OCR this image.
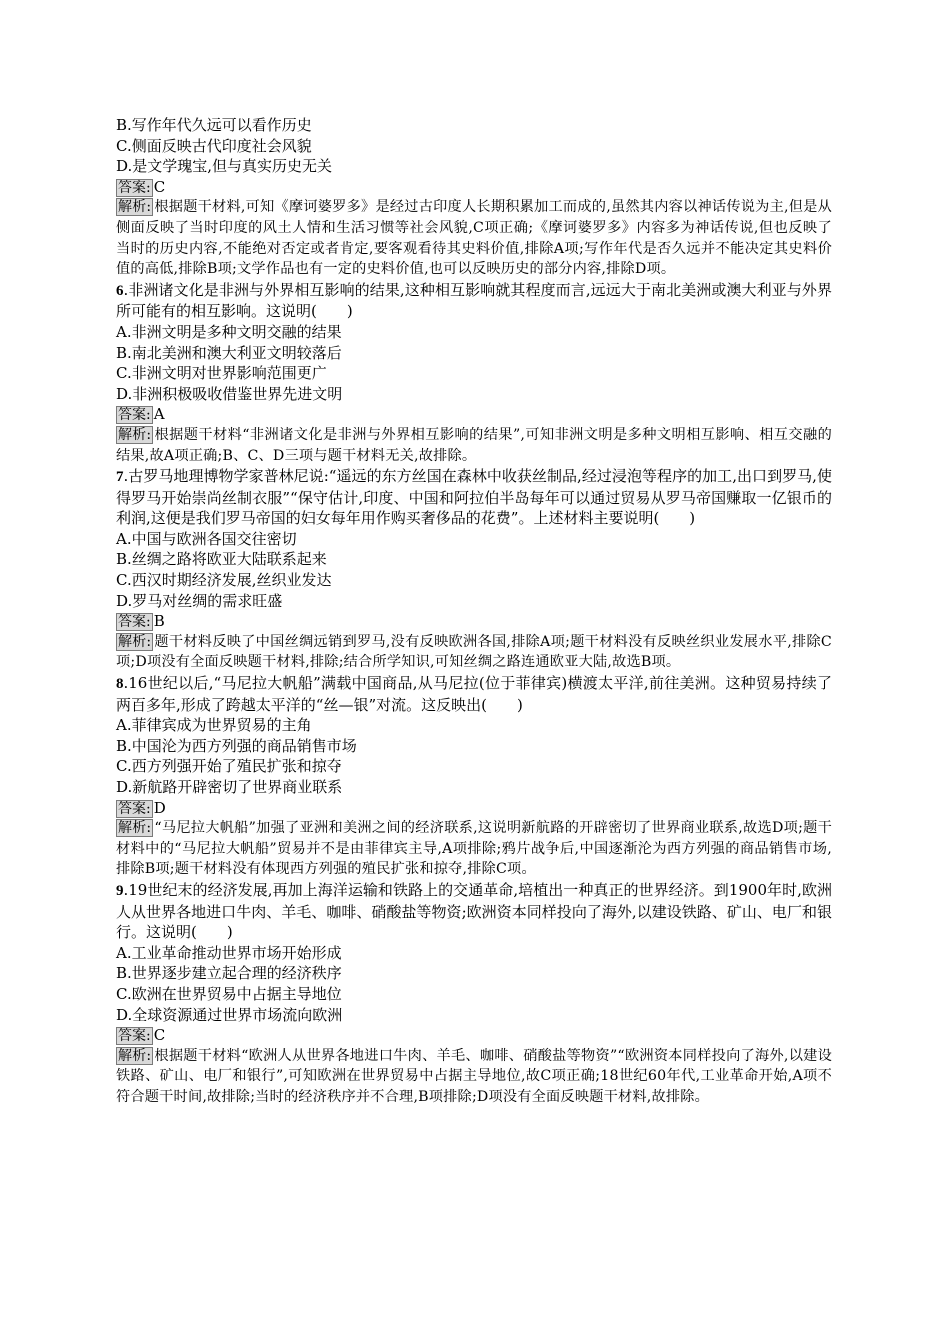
B.写作年代久远可以看作历史
C.侧面反映古代印度社会风貌
D.是文学瑰宝,但与真实历史无关
答案: C
解析: 根据题干材料,可知《摩诃婆罗多》是经过古印度人长期积累加工而成的,虽然其内容以神话传说为主,但是从侧面反映了当时印度的风土人情和生活习惯等社会风貌,C项正确;《摩诃婆罗多》内容多为神话传说,但也反映了当时的历史内容,不能绝对否定或者肯定,要客观看待其史料价值,排除A项;写作年代是否久远并不能决定其史料价值的高低,排除B项;文学作品也有一定的史料价值,也可以反映历史的部分内容,排除D项。
6.非洲诸文化是非洲与外界相互影响的结果,这种相互影响就其程度而言,远远大于南北美洲或澳大利亚与外界所可能有的相互影响。这说明(　　)
A.非洲文明是多种文明交融的结果
B.南北美洲和澳大利亚文明较落后
C.非洲文明对世界影响范围更广
D.非洲积极吸收借鉴世界先进文明
答案: A
解析: 根据题干材料“非洲诸文化是非洲与外界相互影响的结果”,可知非洲文明是多种文明相互影响、相互交融的结果,故A项正确;B、C、D三项与题干材料无关,故排除。
7.古罗马地理博物学家普林尼说:“遥远的东方丝国在森林中收获丝制品,经过浸泡等程序的加工,出口到罗马,使得罗马开始崇尚丝制衣服”“保守估计,印度、中国和阿拉伯半岛每年可以通过贸易从罗马帝国赚取一亿银币的利润,这便是我们罗马帝国的妇女每年用作购买奢侈品的花费”。上述材料主要说明(　　)
A.中国与欧洲各国交往密切
B.丝绸之路将欧亚大陆联系起来
C.西汉时期经济发展,丝织业发达
D.罗马对丝绸的需求旺盛
答案: B
解析: 题干材料反映了中国丝绸远销到罗马,没有反映欧洲各国,排除A项;题干材料没有反映丝织业发展水平,排除C项;D项没有全面反映题干材料,排除;结合所学知识,可知丝绸之路连通欧亚大陆,故选B项。
8.16世纪以后,“马尼拉大帆船”满载中国商品,从马尼拉(位于菲律宾)横渡太平洋,前往美洲。这种贸易持续了两百多年,形成了跨越太平洋的“丝—银”对流。这反映出(　　)
A.菲律宾成为世界贸易的主角
B.中国沦为西方列强的商品销售市场
C.西方列强开始了殖民扩张和掠夺
D.新航路开辟密切了世界商业联系
答案: D
解析: “马尼拉大帆船”加强了亚洲和美洲之间的经济联系,这说明新航路的开辟密切了世界商业联系,故选D项;题干材料中的“马尼拉大帆船”贸易并不是由菲律宾主导,A项排除;鸦片战争后,中国逐渐沦为西方列强的商品销售市场,排除B项;题干材料没有体现西方列强的殖民扩张和掠夺,排除C项。
9.19世纪末的经济发展,再加上海洋运输和铁路上的交通革命,培植出一种真正的世界经济。到1900年时,欧洲人从世界各地进口牛肉、羊毛、咖啡、硝酸盐等物资;欧洲资本同样投向了海外,以建设铁路、矿山、电厂和银行。这说明(　　)
A.工业革命推动世界市场开始形成
B.世界逐步建立起合理的经济秩序
C.欧洲在世界贸易中占据主导地位
D.全球资源通过世界市场流向欧洲
答案: C
解析: 根据题干材料“欧洲人从世界各地进口牛肉、羊毛、咖啡、硝酸盐等物资”“欧洲资本同样投向了海外,以建设铁路、矿山、电厂和银行”,可知欧洲在世界贸易中占据主导地位,故C项正确;18世纪60年代,工业革命开始,A项不符合题干时间,故排除;当时的经济秩序并不合理,B项排除;D项没有全面反映题干材料,故排除。
